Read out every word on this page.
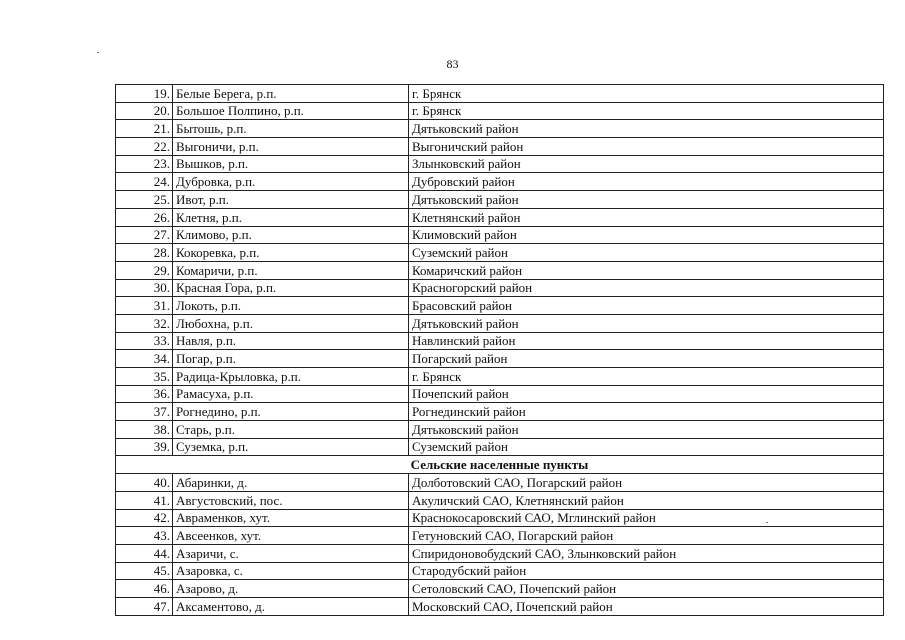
83
19.	Белые Берега, р.п.	г. Брянск
20.	Большое Полпино, р.п.	г. Брянск
21.	Бытошь, р.п.	Дятьковский район
22.	Выгоничи, р.п.	Выгоничский район
23.	Вышков, р.п.	Злынковский район
24.	Дубровка, р.п.	Дубровский район
25.	Ивот, р.п.	Дятьковский район
26.	Клетня, р.п.	Клетнянский район
27.	Климово, р.п.	Климовский район
28.	Кокоревка, р.п.	Суземский район
29.	Комаричи, р.п.	Комаричский район
30.	Красная Гора, р.п.	Красногорский район
31.	Локоть, р.п.	Брасовский район
32.	Любохна, р.п.	Дятьковский район
33.	Навля, р.п.	Навлинский район
34.	Погар, р.п.	Погарский район
35.	Радица-Крыловка, р.п.	г. Брянск
36.	Рамасуха, р.п.	Почепский район
37.	Рогнедино, р.п.	Рогнединский район
38.	Старь, р.п.	Дятьковский район
39.	Суземка, р.п.	Суземский район
Сельские населенные пункты		
40.	Абаринки, д.	Долботовский САО, Погарский район
41.	Августовский, пос.	Акуличский САО, Клетнянский район
42.	Авраменков, хут.	Краснокосаровский САО, Мглинский район
43.	Авсеенков, хут.	Гетуновский САО, Погарский район
44.	Азаричи, с.	Спиридоновобудский САО, Злынковский район
45.	Азаровка, с.	Стародубский район
46.	Азарово, д.	Сетоловский САО, Почепский район
47.	Аксаментово, д.	Московский САО, Почепский район
